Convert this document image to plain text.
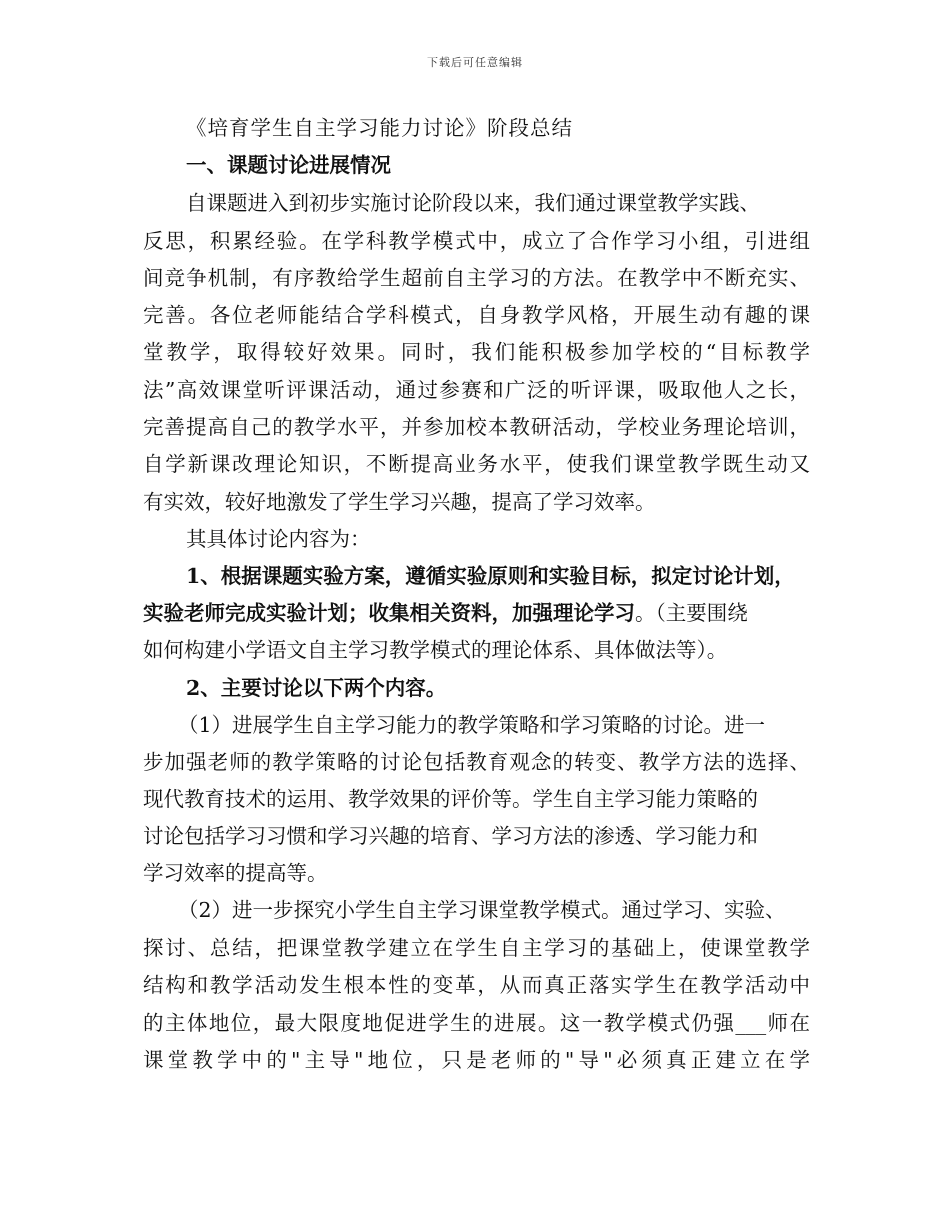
下载后可任意编辑
《培育学生自主学习能力讨论》阶段总结
一、课题讨论进展情况
自课题进入到初步实施讨论阶段以来，我们通过课堂教学实践、
反思，积累经验。在学科教学模式中，成立了合作学习小组，引进组
间竞争机制，有序教给学生超前自主学习的方法。在教学中不断充实、
完善。各位老师能结合学科模式，自身教学风格，开展生动有趣的课
堂教学，取得较好效果。同时，我们能积极参加学校的“目标教学
法”高效课堂听评课活动，通过参赛和广泛的听评课，吸取他人之长，
完善提高自己的教学水平，并参加校本教研活动，学校业务理论培训，
自学新课改理论知识，不断提高业务水平，使我们课堂教学既生动又
有实效，较好地激发了学生学习兴趣，提高了学习效率。
其具体讨论内容为：
1、根据课题实验方案，遵循实验原则和实验目标，拟定讨论计划，
实验老师完成实验计划；收集相关资料，加强理论学习。（主要围绕
如何构建小学语文自主学习教学模式的理论体系、具体做法等）。
2、主要讨论以下两个内容。
（1）进展学生自主学习能力的教学策略和学习策略的讨论。进一
步加强老师的教学策略的讨论包括教育观念的转变、教学方法的选择、
现代教育技术的运用、教学效果的评价等。学生自主学习能力策略的
讨论包括学习习惯和学习兴趣的培育、学习方法的渗透、学习能力和
学习效率的提高等。
（2）进一步探究小学生自主学习课堂教学模式。通过学习、实验、
探讨、总结，把课堂教学建立在学生自主学习的基础上，使课堂教学
结构和教学活动发生根本性的变革，从而真正落实学生在教学活动中
的主体地位，最大限度地促进学生的进展。这一教学模式仍强___师在
课堂教学中的"主导"地位，只是老师的"导"必须真正建立在学
